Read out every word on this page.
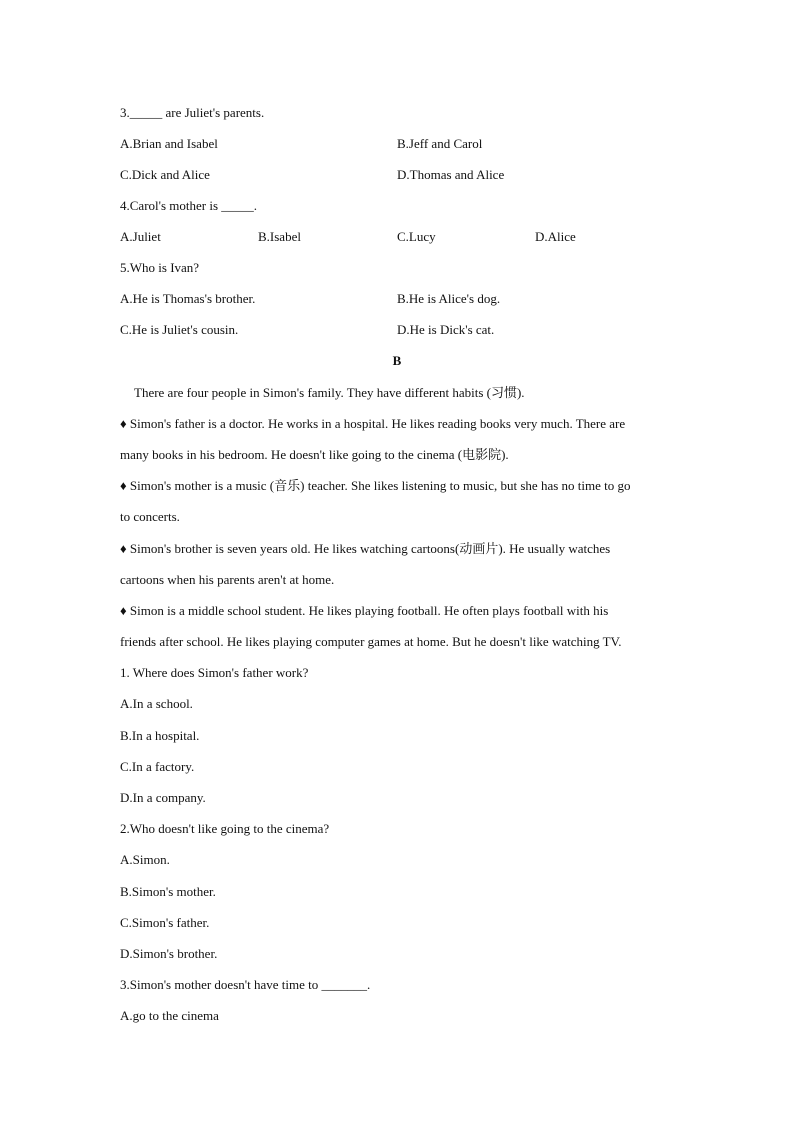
3._____ are Juliet's parents.
A.Brian and Isabel	B.Jeff and Carol
C.Dick and Alice	D.Thomas and Alice
4.Carol's mother is _____.
A.Juliet	B.Isabel	C.Lucy	D.Alice
5.Who is Ivan?
A.He is Thomas's brother.	B.He is Alice's dog.
C.He is Juliet's cousin.	D.He is Dick's cat.
B
There are four people in Simon's family. They have different habits (习惯).
♦ Simon's father is a doctor. He works in a hospital. He likes reading books very much. There are
many books in his bedroom. He doesn't like going to the cinema (电影院).
♦ Simon's mother is a music (音乐) teacher. She likes listening to music, but she has no time to go
to concerts.
♦ Simon's brother is seven years old. He likes watching cartoons(动画片). He usually watches
cartoons when his parents aren't at home.
♦ Simon is a middle school student. He likes playing football. He often plays football with his
friends after school. He likes playing computer games at home. But he doesn't like watching TV.
1. Where does Simon's father work?
A.In a school.
B.In a hospital.
C.In a factory.
D.In a company.
2.Who doesn't like going to the cinema?
A.Simon.
B.Simon's mother.
C.Simon's father.
D.Simon's brother.
3.Simon's mother doesn't have time to _______.
A.go to the cinema
